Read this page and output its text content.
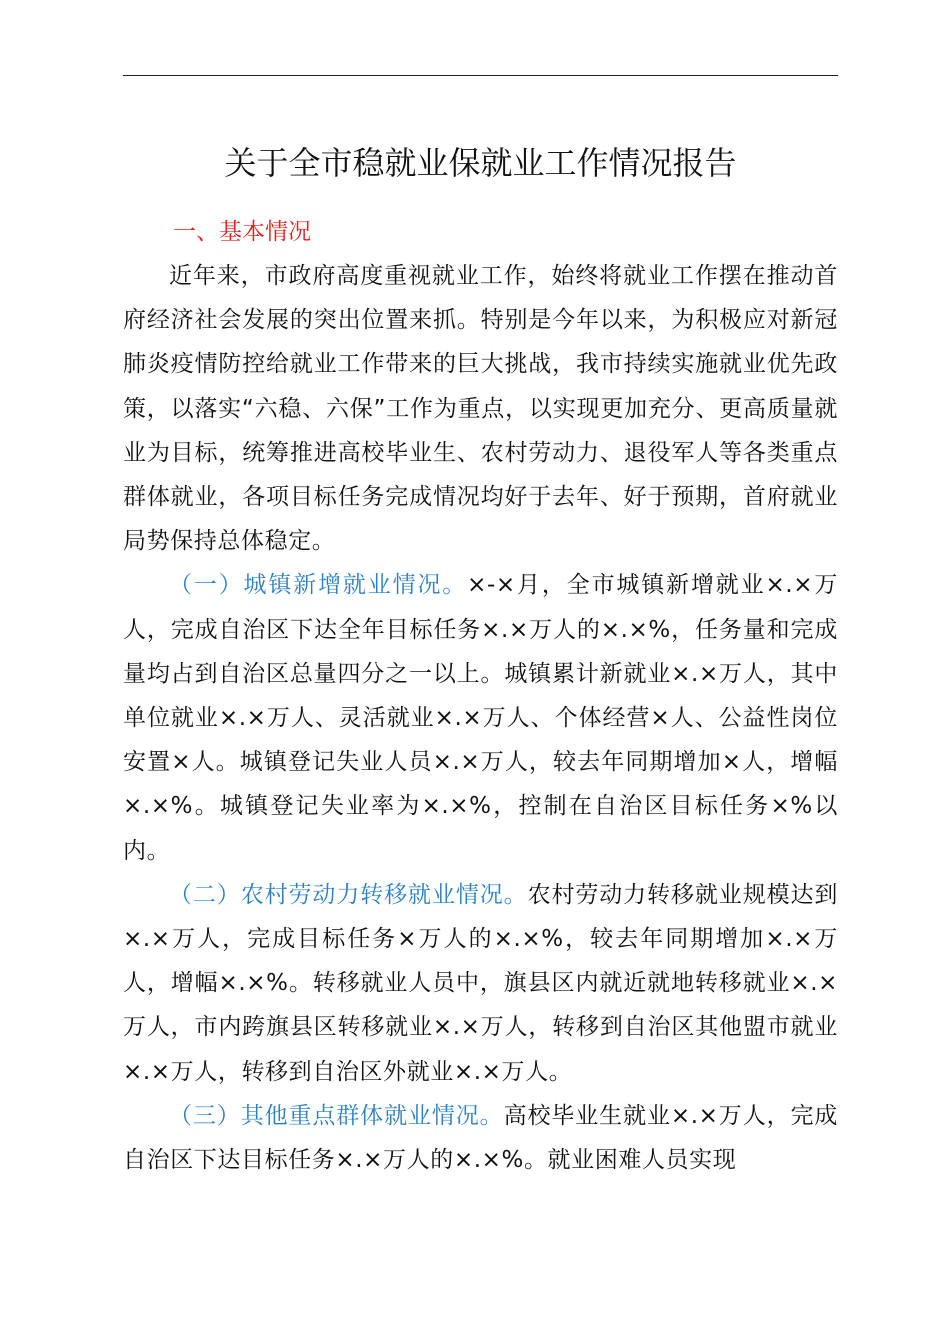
关于全市稳就业保就业工作情况报告
一、基本情况

近年来，市政府高度重视就业工作，始终将就业工作摆在推动首府经济社会发展的突出位置来抓。特别是今年以来，为积极应对新冠肺炎疫情防控给就业工作带来的巨大挑战，我市持续实施就业优先政策，以落实“六稳、六保”工作为重点，以实现更加充分、更高质量就业为目标，统筹推进高校毕业生、农村劳动力、退役军人等各类重点群体就业，各项目标任务完成情况均好于去年、好于预期，首府就业局势保持总体稳定。

（一）城镇新增就业情况。×-×月，全市城镇新增就业×.×万人，完成自治区下达全年目标任务×.×万人的×.×%，任务量和完成量均占到自治区总量四分之一以上。城镇累计新就业×.×万人，其中单位就业×.×万人、灵活就业×.×万人、个体经营×人、公益性岗位安置×人。城镇登记失业人员×.×万人，较去年同期增加×人，增幅×.×%。城镇登记失业率为×.×%，控制在自治区目标任务×%以内。

（二）农村劳动力转移就业情况。农村劳动力转移就业规模达到×.×万人，完成目标任务×万人的×.×%，较去年同期增加×.×万人，增幅×.×%。转移就业人员中，旗县区内就近就地转移就业×.×万人，市内跨旗县区转移就业×.×万人，转移到自治区其他盟市就业×.×万人，转移到自治区外就业×.×万人。

（三）其他重点群体就业情况。高校毕业生就业×.×万人，完成自治区下达目标任务×.×万人的×.×%。就业困难人员实现
